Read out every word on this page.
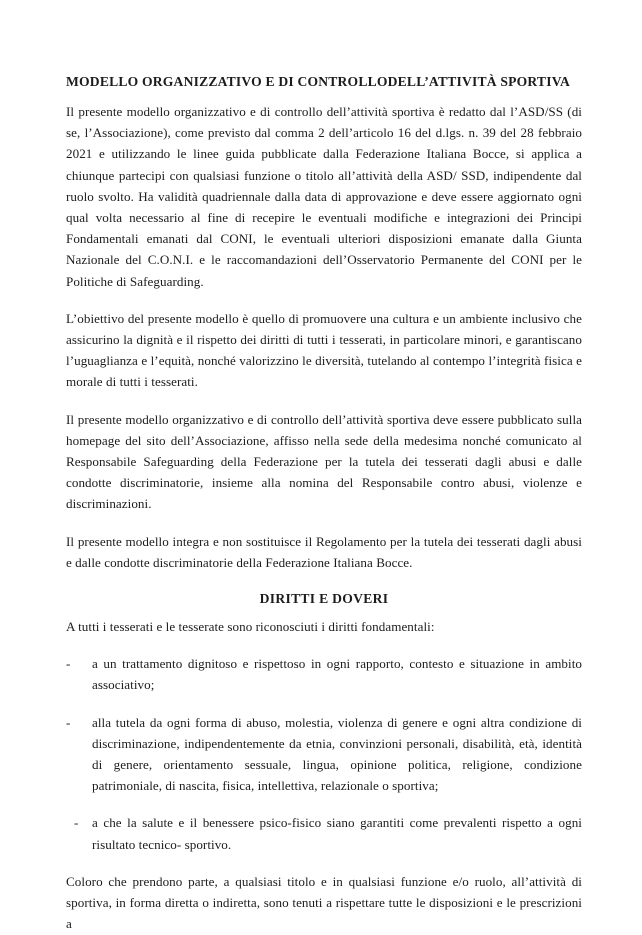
MODELLO ORGANIZZATIVO E DI CONTROLLODELL’ATTIVITÀ SPORTIVA

Il presente modello organizzativo e di controllo dell’attività sportiva è redatto dal l’ASD/SS (di se, l’Associazione), come previsto dal comma 2 dell’articolo 16 del d.lgs. n. 39 del 28 febbraio 2021 e utilizzando le linee guida pubblicate dalla Federazione Italiana Bocce, si applica a chiunque partecipi con qualsiasi funzione o titolo all’attività della ASD/ SSD, indipendente dal ruolo svolto. Ha validità quadriennale dalla data di approvazione e deve essere aggiornato ogni qual volta necessario al fine di recepire le eventuali modifiche e integrazioni dei Principi Fondamentali emanati dal CONI, le eventuali ulteriori disposizioni emanate dalla Giunta Nazionale del C.O.N.I. e le raccomandazioni dell’Osservatorio Permanente del CONI per le Politiche di Safeguarding.

L’obiettivo del presente modello è quello di promuovere una cultura e un ambiente inclusivo che assicurino la dignità e il rispetto dei diritti di tutti i tesserati, in particolare minori, e garantiscano l’uguaglianza e l’equità, nonché valorizzino le diversità, tutelando al contempo l’integrità fisica e morale di tutti i tesserati.

Il presente modello organizzativo e di controllo dell’attività sportiva deve essere pubblicato sulla homepage del sito dell’Associazione, affisso nella sede della medesima nonché comunicato al Responsabile Safeguarding della Federazione per la tutela dei tesserati dagli abusi e dalle condotte discriminatorie, insieme alla nomina del Responsabile contro abusi, violenze e discriminazioni.

Il presente modello integra e non sostituisce il Regolamento per la tutela dei tesserati dagli abusi e dalle condotte discriminatorie della Federazione Italiana Bocce.

DIRITTI E DOVERI

A tutti i tesserati e le tesserate sono riconosciuti i diritti fondamentali:

- a un trattamento dignitoso e rispettoso in ogni rapporto, contesto e situazione in ambito associativo;
- alla tutela da ogni forma di abuso, molestia, violenza di genere e ogni altra condizione di discriminazione, indipendentemente da etnia, convinzioni personali, disabilità, età, identità di genere, orientamento sessuale, lingua, opinione politica, religione, condizione patrimoniale, di nascita, fisica, intellettiva, relazionale o sportiva;
- a che la salute e il benessere psico-fisico siano garantiti come prevalenti rispetto a ogni risultato tecnico- sportivo.

Coloro che prendono parte, a qualsiasi titolo e in qualsiasi funzione e/o ruolo, all’attività di sportiva, in forma diretta o indiretta, sono tenuti a rispettare tutte le disposizioni e le prescrizioni a
